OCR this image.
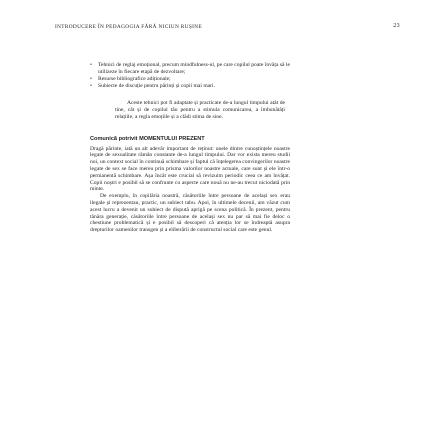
INTRODUCERE ÎN PEDAGOGIA FĂRĂ NICIUN RUȘINE	23
• Tehnici de reglaj emoțional, precum mindfulness-ul, pe care copilul poate învăța să le utilizeze în fiecare etapă de dezvoltare;
• Resurse bibliografice adiționale;
• Subiecte de discuție pentru părinți și copii mai mari.
Aceste tehnici pot fi adaptate și practicate de-a lungul timpului atât de tine, cât și de copilul tău pentru a stimula comunicarea, a îmbunătăți relațiile, a regla emoțiile și a clădi stima de sine.
Comunică potrivit MOMENTULUI PREZENT

Dragă părinte, iată un alt adevăr important de reținut: unele dintre cunoștințele noastre legate de sexualitate rămân constante de-a lungul timpului. Dar vor exista mereu studii noi, un context social în continuă schimbare și faptul că înțelegerea convingerilor noastre legate de sex se face mereu prin prisma valorilor noastre actuale, care sunt și ele într-o permanentă schimbare. Așa încât este crucial să revizuim periodic ceea ce am învățat. Copii noștri e posibil să se confrunte cu aspecte care nouă nu ne-au trecut niciodată prin minte.

De exemplu, în copilăria noastră, căsătoriile între persoane de același sex erau ilegale și reprezentau, practic, un subiect tabu. Apoi, în ultimele decenii, am văzut cum acest lucru a devenit un subiect de dispută aprigă pe scena politică. În prezent, pentru tânăra generație, căsătoriile între persoane de același sex nu par să mai fie deloc o chestiune problematică și e posibil să descoperi că atenția lor se îndreaptă asupra drepturilor oamenilor transgen și a eliberării de constructul social care este genul.
